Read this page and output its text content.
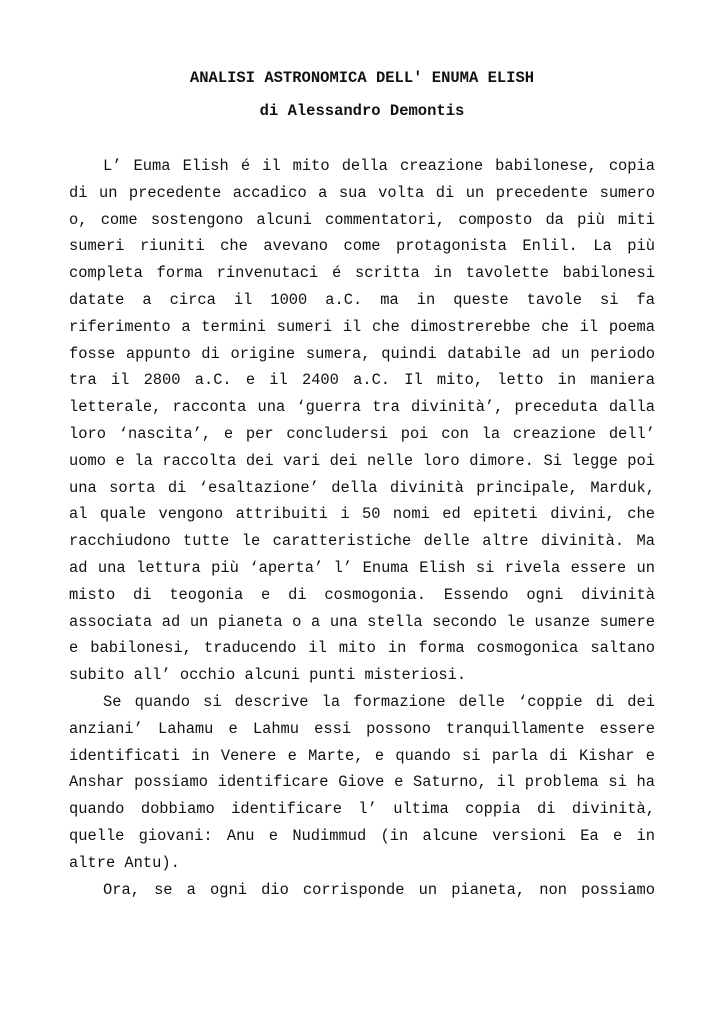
ANALISI ASTRONOMICA DELL' ENUMA ELISH
di Alessandro Demontis

L’ Euma Elish é il mito della creazione babilonese, copia di un precedente accadico a sua volta di un precedente sumero o, come sostengono alcuni commentatori, composto da più miti sumeri riuniti che avevano come protagonista Enlil. La più completa forma rinvenutaci é scritta in tavolette babilonesi datate a circa il 1000 a.C. ma in queste tavole si fa riferimento a termini sumeri il che dimostrerebbe che il poema fosse appunto di origine sumera, quindi databile ad un periodo tra il 2800 a.C. e il 2400 a.C. Il mito, letto in maniera letterale, racconta una ‘guerra tra divinità’, preceduta dalla loro ‘nascita’, e per concludersi poi con la creazione dell’ uomo e la raccolta dei vari dei nelle loro dimore. Si legge poi una sorta di ‘esaltazione’ della divinità principale, Marduk, al quale vengono attribuiti i 50 nomi ed epiteti divini, che racchiudono tutte le caratteristiche delle altre divinità. Ma ad una lettura più ‘aperta’ l’ Enuma Elish si rivela essere un misto di teogonia e di cosmogonia. Essendo ogni divinità associata ad un pianeta o a una stella secondo le usanze sumere e babilonesi, traducendo il mito in forma cosmogonica saltano subito all’ occhio alcuni punti misteriosi.

Se quando si descrive la formazione delle ‘coppie di dei anziani’ Lahamu e Lahmu essi possono tranquillamente essere identificati in Venere e Marte, e quando si parla di Kishar e Anshar possiamo identificare Giove e Saturno, il problema si ha quando dobbiamo identificare l’ ultima coppia di divinità, quelle giovani: Anu e Nudimmud (in alcune versioni Ea e in altre Antu).

Ora, se a ogni dio corrisponde un pianeta, non possiamo
